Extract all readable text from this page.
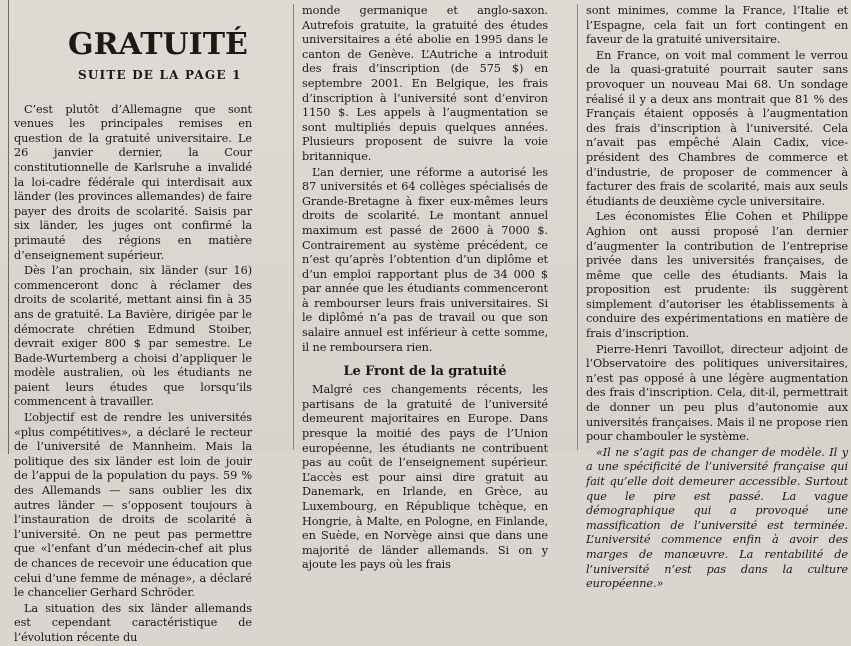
GRATUITÉ
SUITE DE LA PAGE 1

C’est plutôt d’Allemagne que sont venues les principales remises en question de la gratuité universitaire. Le 26 janvier dernier, la Cour constitutionnelle de Karlsruhe a invalidé la loi-cadre fédérale qui interdisait aux länder (les provinces allemandes) de faire payer des droits de scolarité. Saisis par six länder, les juges ont confirmé la primauté des régions en matière d’enseignement supérieur.

Dès l’an prochain, six länder (sur 16) commenceront donc à réclamer des droits de scolarité, mettant ainsi fin à 35 ans de gratuité. La Bavière, dirigée par le démocrate chrétien Edmund Stoiber, devrait exiger 800 $ par semestre. Le Bade-Wurtemberg a choisi d’appliquer le modèle australien, où les étudiants ne paient leurs études que lorsqu’ils commencent à travailler.

L’objectif est de rendre les universités «plus compétitives», a déclaré le recteur de l’université de Mannheim. Mais la politique des six länder est loin de jouir de l’appui de la population du pays. 59 % des Allemands — sans oublier les dix autres länder — s’opposent toujours à l’instauration de droits de scolarité à l’université. On ne peut pas permettre que «l’enfant d’un médecin-chef ait plus de chances de recevoir une éducation que celui d’une femme de ménage», a déclaré le chancelier Gerhard Schröder.

La situation des six länder allemands est cependant caractéristique de l’évolution récente du

monde germanique et anglo-saxon. Autrefois gratuite, la gratuité des études universitaires a été abolie en 1995 dans le canton de Genève. L’Autriche a introduit des frais d’inscription (de 575 $) en septembre 2001. En Belgique, les frais d’inscription à l’université sont d’environ 1150 $. Les appels à l’augmentation se sont multipliés depuis quelques années. Plusieurs proposent de suivre la voie britannique.

L’an dernier, une réforme a autorisé les 87 universités et 64 collèges spécialisés de Grande-Bretagne à fixer eux-mêmes leurs droits de scolarité. Le montant annuel maximum est passé de 2600 à 7000 $. Contrairement au système précédent, ce n’est qu’après l’obtention d’un diplôme et d’un emploi rapportant plus de 34 000 $ par année que les étudiants commenceront à rembourser leurs frais universitaires. Si le diplômé n’a pas de travail ou que son salaire annuel est inférieur à cette somme, il ne remboursera rien.

Le Front de la gratuité

Malgré ces changements récents, les partisans de la gratuité de l’université demeurent majoritaires en Europe. Dans presque la moitié des pays de l’Union européenne, les étudiants ne contribuent pas au coût de l’enseignement supérieur. L’accès est pour ainsi dire gratuit au Danemark, en Irlande, en Grèce, au Luxembourg, en République tchèque, en Hongrie, à Malte, en Pologne, en Finlande, en Suède, en Norvège ainsi que dans une majorité de länder allemands. Si on y ajoute les pays où les frais

sont minimes, comme la France, l’Italie et l’Espagne, cela fait un fort contingent en faveur de la gratuité universitaire.

En France, on voit mal comment le verrou de la quasi-gratuité pourrait sauter sans provoquer un nouveau Mai 68. Un sondage réalisé il y a deux ans montrait que 81 % des Français étaient opposés à l’augmentation des frais d’inscription à l’université. Cela n’avait pas empêché Alain Cadix, vice-président des Chambres de commerce et d’industrie, de proposer de commencer à facturer des frais de scolarité, mais aux seuls étudiants de deuxième cycle universitaire.

Les économistes Élie Cohen et Philippe Aghion ont aussi proposé l’an dernier d’augmenter la contribution de l’entreprise privée dans les universités françaises, de même que celle des étudiants. Mais la proposition est prudente: ils suggèrent simplement d’autoriser les établissements à conduire des expérimentations en matière de frais d’inscription.

Pierre-Henri Tavoillot, directeur adjoint de l’Observatoire des politiques universitaires, n’est pas opposé à une légère augmentation des frais d’inscription. Cela, dit-il, permettrait de donner un peu plus d’autonomie aux universités françaises. Mais il ne propose rien pour chambouler le système.

«Il ne s’agit pas de changer de modèle. Il y a une spécificité de l’université française qui fait qu’elle doit demeurer accessible. Surtout que le pire est passé. La vague démographique qui a provoqué une massification de l’université est terminée. L’université commence enfin à avoir des marges de manœuvre. La rentabilité de l’université n’est pas dans la culture européenne.»
